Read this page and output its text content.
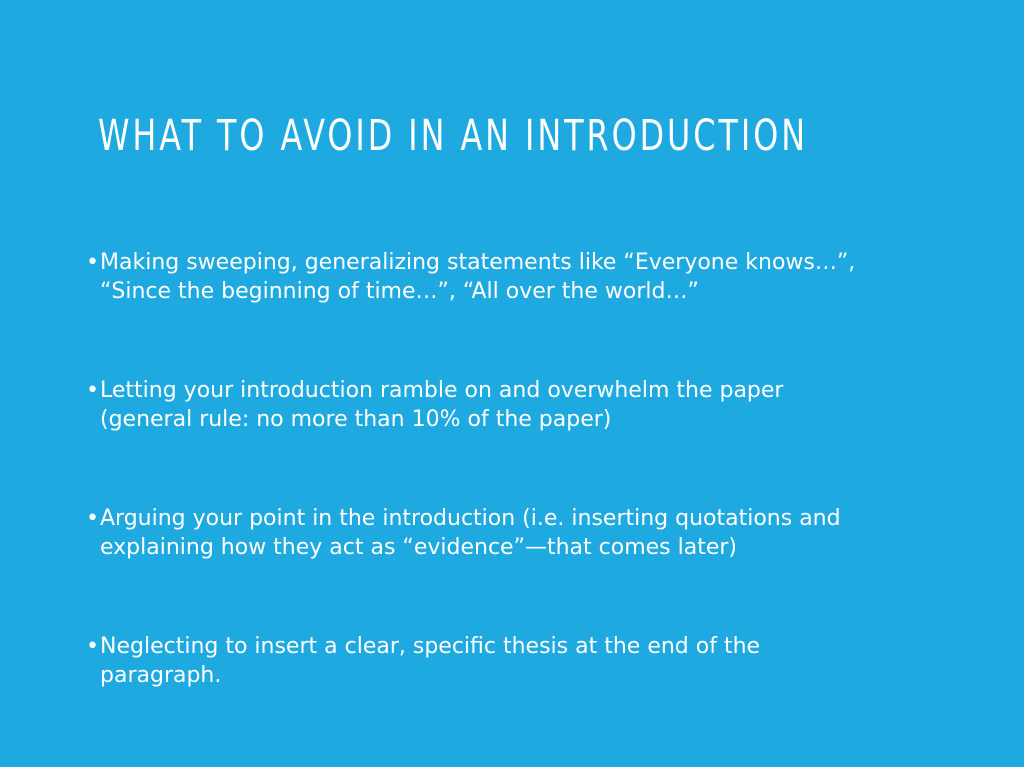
WHAT TO AVOID IN AN INTRODUCTION
• Making sweeping, generalizing statements like “Everyone knows…”,
“Since the beginning of time…”, “All over the world…”
• Letting your introduction ramble on and overwhelm the paper
(general rule: no more than 10% of the paper)
• Arguing your point in the introduction (i.e. inserting quotations and
explaining how they act as “evidence”—that comes later)
• Neglecting to insert a clear, specific thesis at the end of the
paragraph.
